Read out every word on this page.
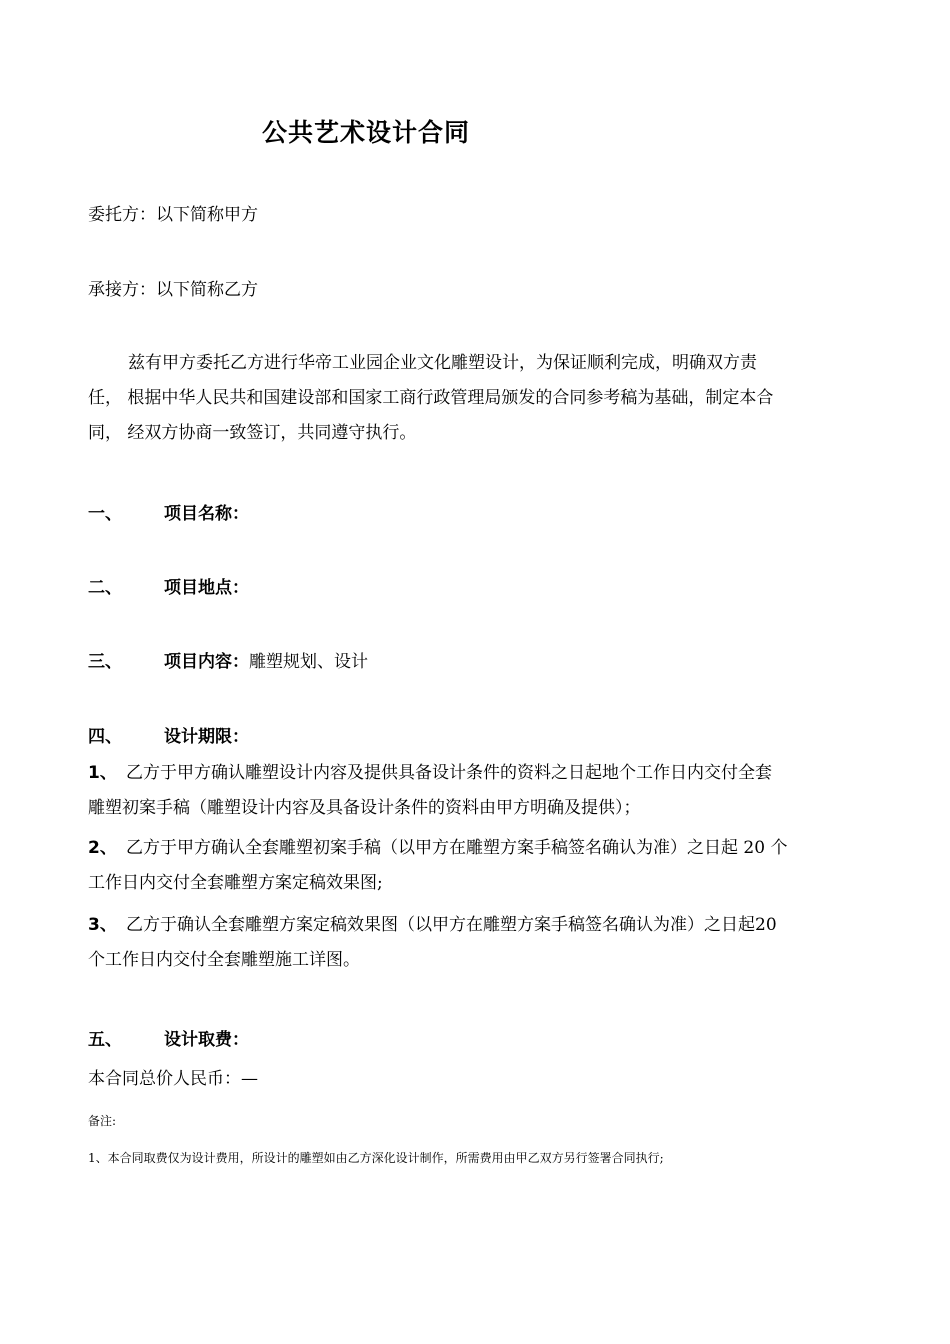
公共艺术设计合同
委托方：以下简称甲方
承接方：以下简称乙方
兹有甲方委托乙方进行华帝工业园企业文化雕塑设计，为保证顺利完成，明确双方责
任， 根据中华人民共和国建设部和国家工商行政管理局颁发的合同参考稿为基础，制定本合
同， 经双方协商一致签订，共同遵守执行。
一、 项目名称：
二、 项目地点：
三、 项目内容：雕塑规划、设计
四、 设计期限：
1、 乙方于甲方确认雕塑设计内容及提供具备设计条件的资料之日起地个工作日内交付全套
雕塑初案手稿（雕塑设计内容及具备设计条件的资料由甲方明确及提供）；
2、 乙方于甲方确认全套雕塑初案手稿（以甲方在雕塑方案手稿签名确认为准）之日起 20 个
工作日内交付全套雕塑方案定稿效果图;
3、 乙方于确认全套雕塑方案定稿效果图（以甲方在雕塑方案手稿签名确认为准）之日起20
个工作日内交付全套雕塑施工详图。
五、 设计取费：
本合同总价人民币：—
备注:
1、本合同取费仅为设计费用，所设计的雕塑如由乙方深化设计制作，所需费用由甲乙双方另行签署合同执行;
